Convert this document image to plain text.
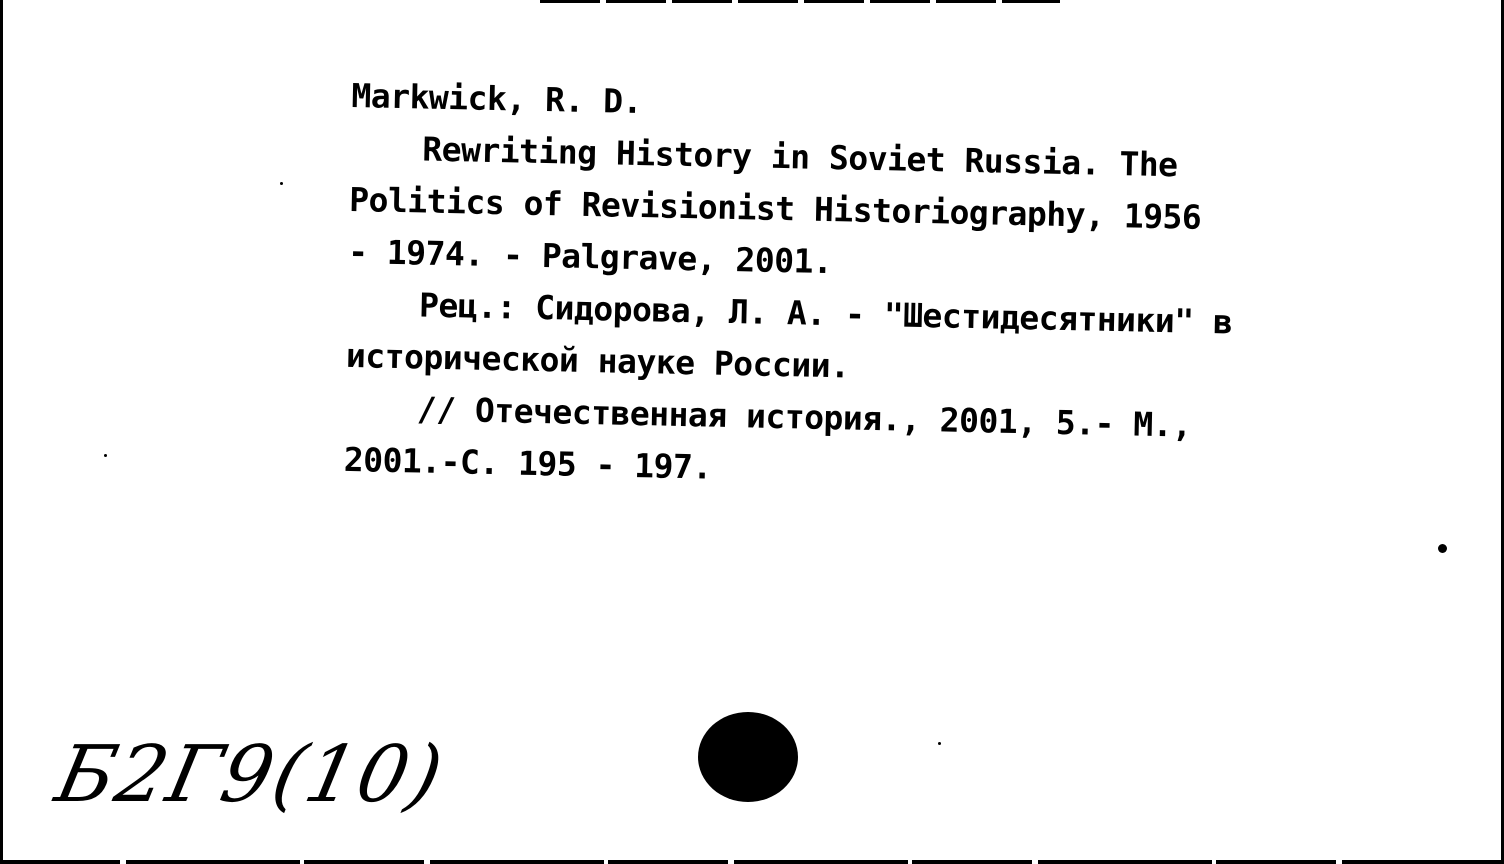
Markwick, R. D.
Rewriting History in Soviet Russia. The
Politics of Revisionist Historiography, 1956
- 1974. - Palgrave, 2001.
Рец.: Сидорова, Л. А. - "Шестидесятники" в
исторической науке России.
// Отечественная история., 2001, 5.- М.,
2001.-С. 195 - 197.
Б2Г9(10)
